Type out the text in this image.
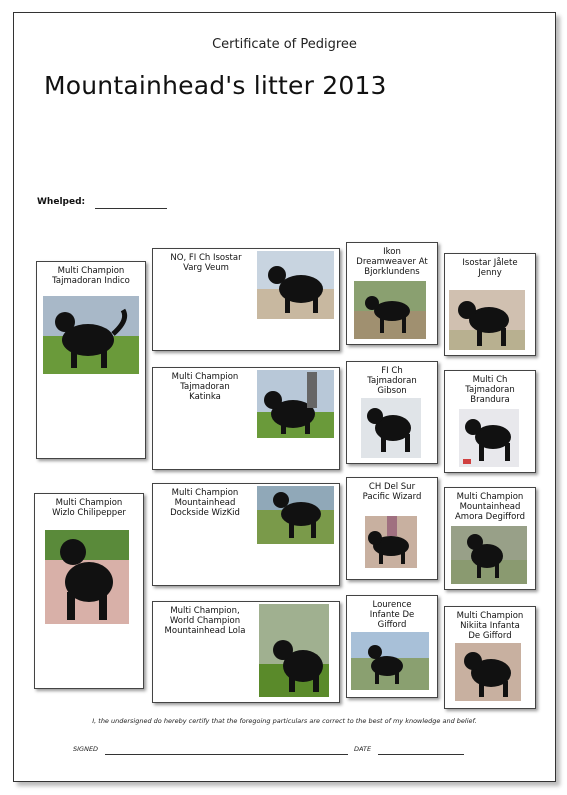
Certificate of Pedigree
Mountainhead's litter 2013
Whelped:
Multi Champion
Tajmadoran Indico
Multi Champion
Wizlo Chilipepper
NO, FI Ch Isostar
Varg Veum
Multi Champion
Tajmadoran
Katinka
Multi Champion
Mountainhead
Dockside WizKid
Multi Champion,
World Champion
Mountainhead Lola
Ikon
Dreamweaver At
Bjorklundens
Isostar Jålete
Jenny
FI Ch
Tajmadoran
Gibson
Multi Ch
Tajmadoran
Brandura
CH Del Sur
Pacific Wizard	Multi Champion
Mountainhead
Amora Degifford
Lourence
Infante De
Gifford
Multi Champion
Nikiita Infanta
De Gifford
I, the undersigned do hereby certify that the foregoing particulars are correct to the best of my knowledge and belief.
SIGNED	DATE
